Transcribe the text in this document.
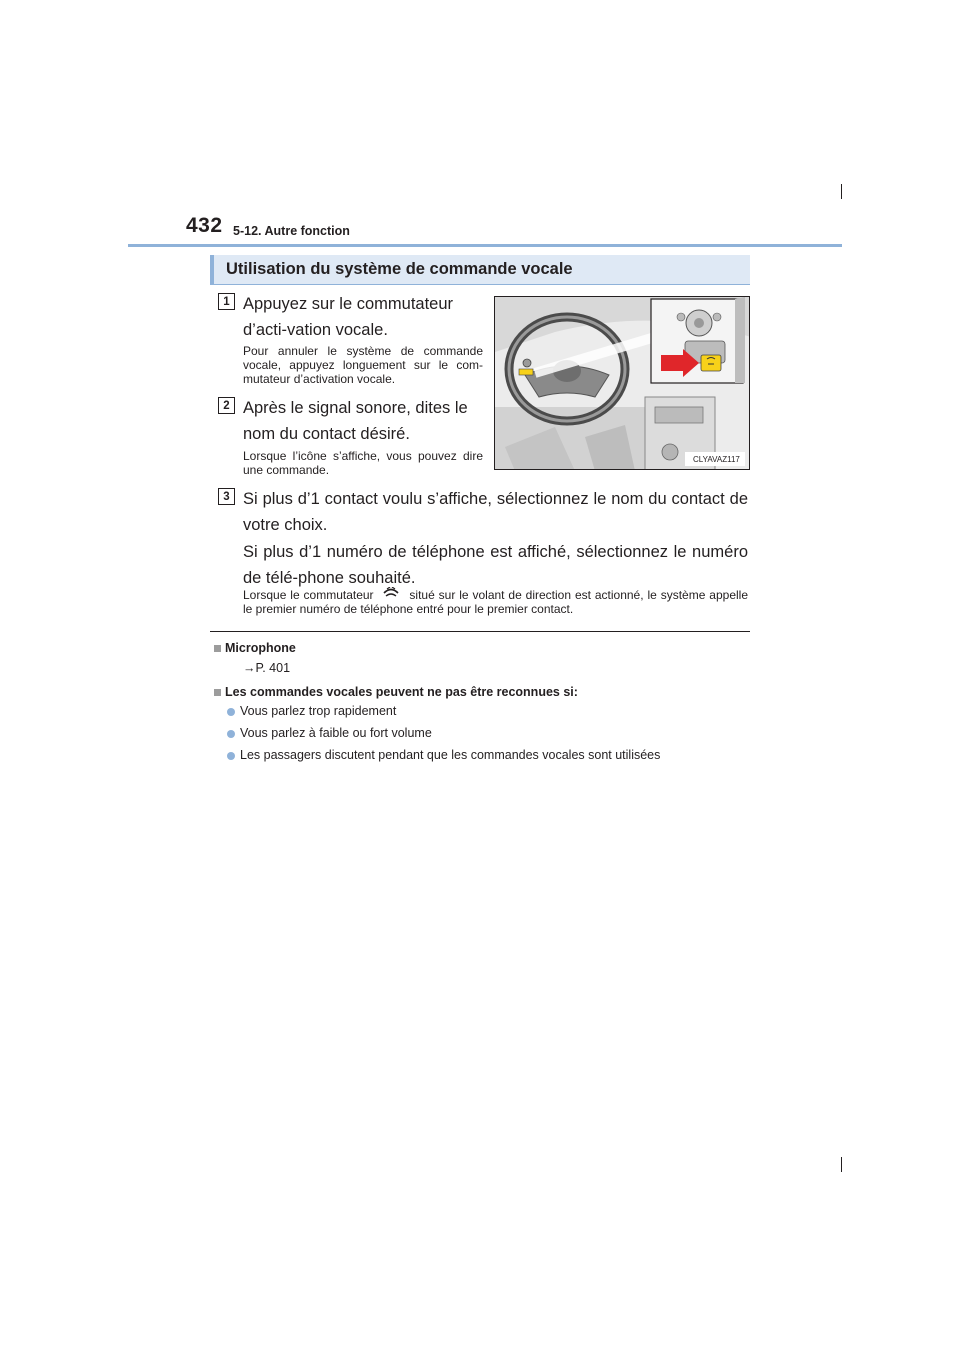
432 5-12. Autre fonction
Utilisation du système de commande vocale
1 Appuyez sur le commutateur d’acti-vation vocale.
Pour annuler le système de commande vocale, appuyez longuement sur le com-mutateur d’activation vocale.
2 Après le signal sonore, dites le nom du contact désiré.
Lorsque l’icône s’affiche, vous pouvez dire une commande.
CLYAVAZ117
3 Si plus d’1 contact voulu s’affiche, sélectionnez le nom du contact de votre choix.
Si plus d’1 numéro de téléphone est affiché, sélectionnez le numéro de télé-phone souhaité.
Lorsque le commutateur	situé sur le volant de direction est actionné, le système appelle le premier numéro de téléphone entré pour le premier contact.
Microphone
→P. 401
Les commandes vocales peuvent ne pas être reconnues si:
Vous parlez trop rapidement
Vous parlez à faible ou fort volume
Les passagers discutent pendant que les commandes vocales sont utilisées
